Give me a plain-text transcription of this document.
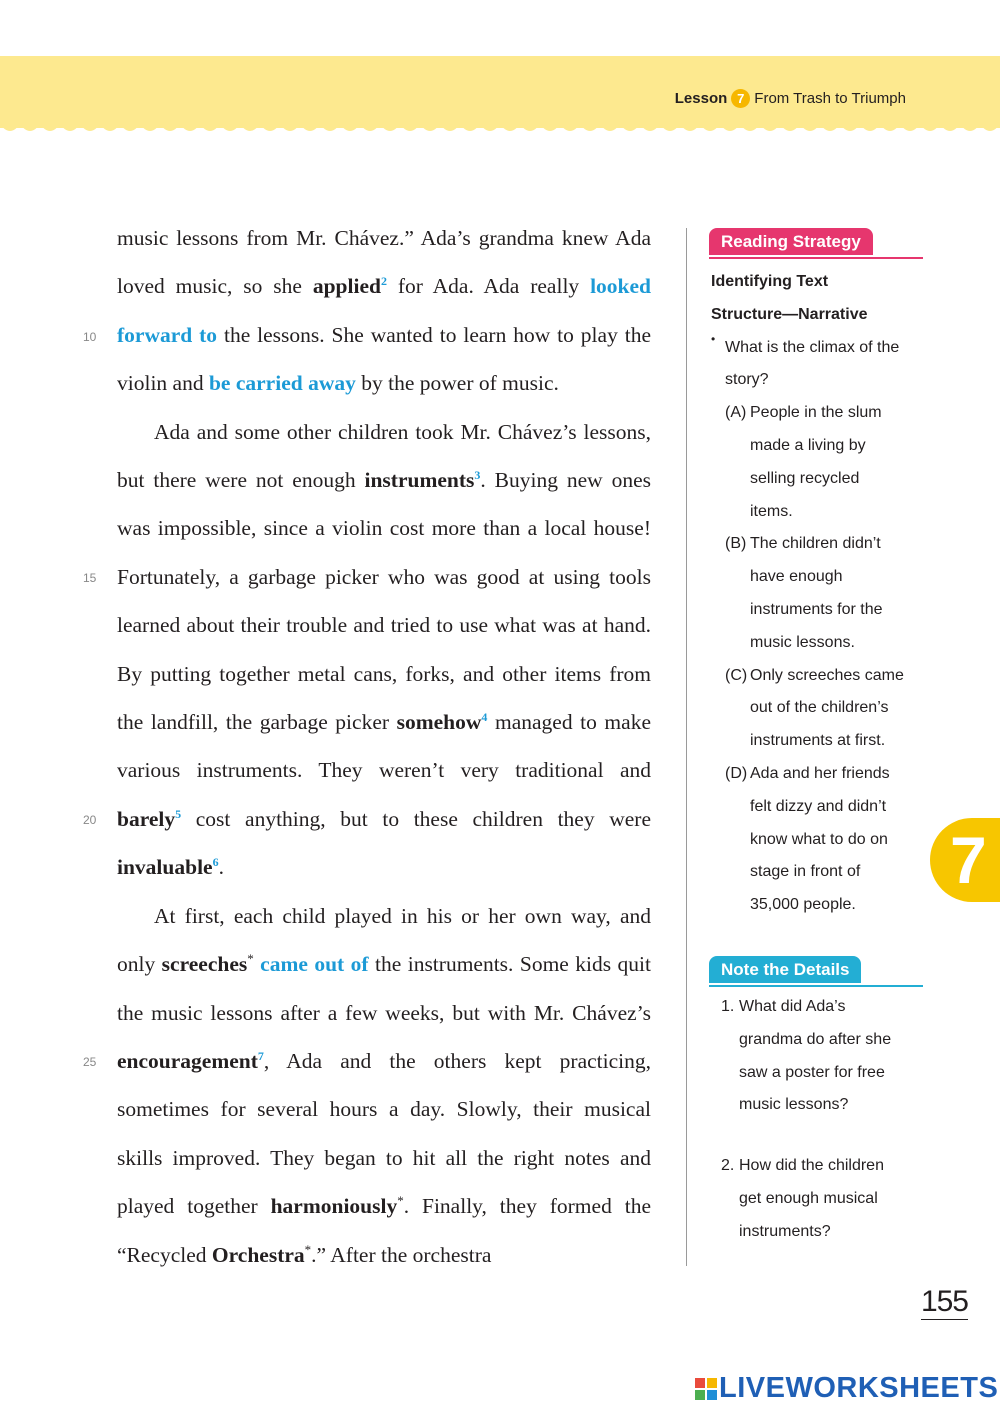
Lesson 7 From Trash to Triumph
10
15
20
25

music lessons from Mr. Chávez.” Ada’s grandma knew Ada loved music, so she applied$^2$ for Ada. Ada really looked forward to the lessons. She wanted to learn how to play the violin and be carried away by the power of music.

Ada and some other children took Mr. Chávez’s lessons, but there were not enough instruments$^3$. Buying new ones was impossible, since a violin cost more than a local house! Fortunately, a garbage picker who was good at using tools learned about their trouble and tried to use what was at hand. By putting together metal cans, forks, and other items from the landfill, the garbage picker somehow$^4$ managed to make various instruments. They weren’t very traditional and barely$^5$ cost anything, but to these children they were invaluable$^6$.

At first, each child played in his or her own way, and only screeches* came out of the instruments. Some kids quit the music lessons after a few weeks, but with Mr. Chávez’s encouragement$^7$, Ada and the others kept practicing, sometimes for several hours a day. Slowly, their musical skills improved. They began to hit all the right notes and played together harmoniously*. Finally, they formed the “Recycled Orchestra*.” After the orchestra

Reading Strategy
Identifying Text
Structure—Narrative
• What is the climax of the
story?
(A) People in the slum
made a living by
selling recycled
items.
(B) The children didn’t
have enough
instruments for the
music lessons.
(C) Only screeches came
out of the children’s
instruments at first.
(D) Ada and her friends
felt dizzy and didn’t
know what to do on
stage in front of
35,000 people.
Note the Details
1. What did Ada’s
grandma do after she
saw a poster for free
music lessons?
2. How did the children
get enough musical
instruments?
7
155
LIVEWORKSHEETS
